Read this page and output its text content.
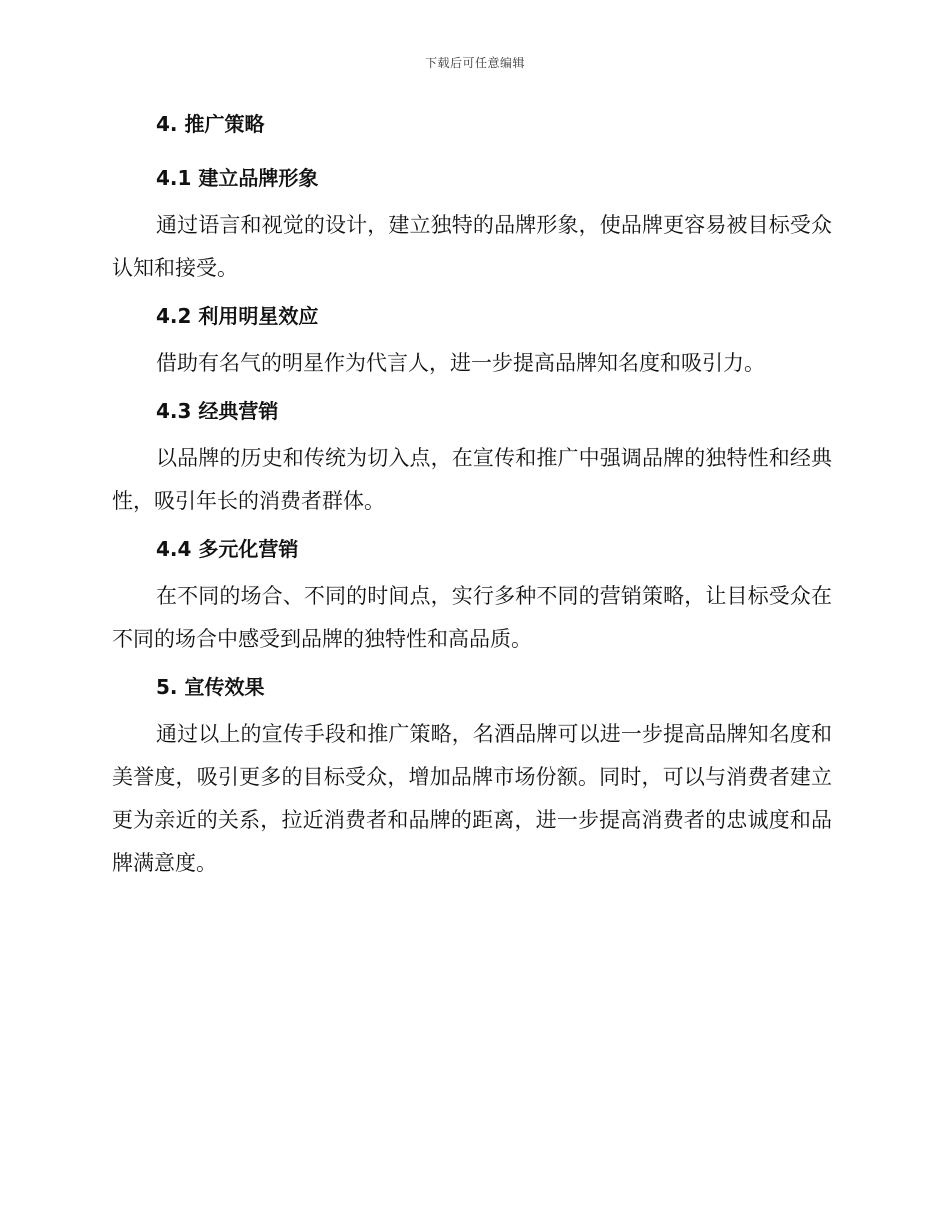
下载后可任意编辑
4. 推广策略
4.1 建立品牌形象

通过语言和视觉的设计，建立独特的品牌形象，使品牌更容易被目标受众认知和接受。

4.2 利用明星效应

借助有名气的明星作为代言人，进一步提高品牌知名度和吸引力。

4.3 经典营销

以品牌的历史和传统为切入点，在宣传和推广中强调品牌的独特性和经典性，吸引年长的消费者群体。

4.4 多元化营销

在不同的场合、不同的时间点，实行多种不同的营销策略，让目标受众在不同的场合中感受到品牌的独特性和高品质。

5. 宣传效果

通过以上的宣传手段和推广策略，名酒品牌可以进一步提高品牌知名度和美誉度，吸引更多的目标受众，增加品牌市场份额。同时，可以与消费者建立更为亲近的关系，拉近消费者和品牌的距离，进一步提高消费者的忠诚度和品牌满意度。
